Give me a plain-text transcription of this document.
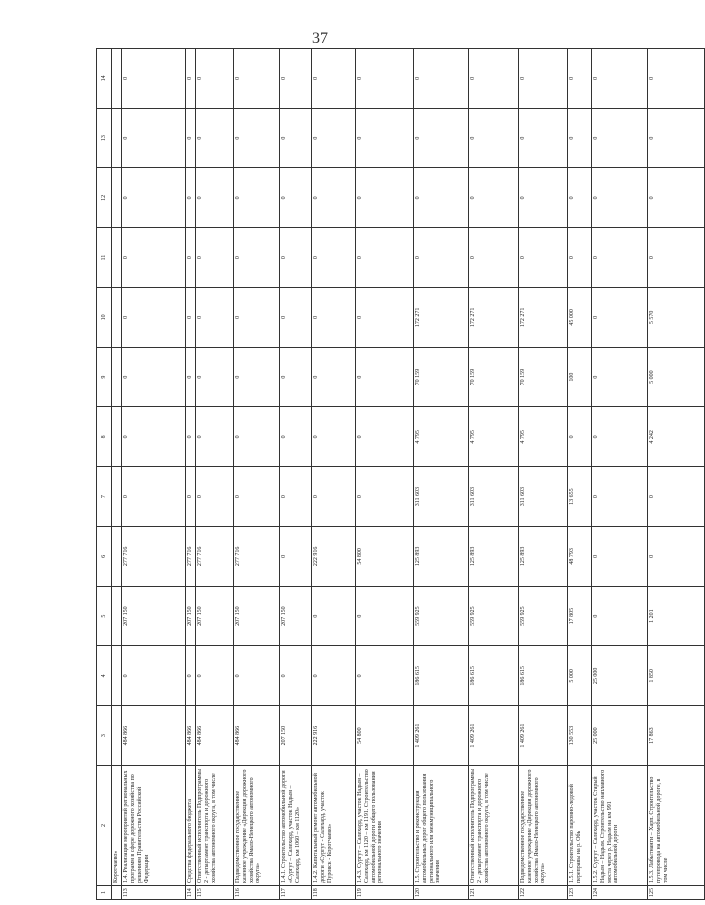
37
1	2	3	4	5	6	7	8	9	10	11	12	13	14
	Коротчаево»												
113	1.4. Реализация мероприятий региональных программ в сфере дорожного хозяйства по решениям Правительства Российской Федерации	484 866	0	207 150	277 716	0	0	0	0	0	0	0	0
114	Средства федерального бюджета	484 866	0	207 150	277 716	0	0	0	0	0	0	0	0
115	Ответственный исполнитель Подпрограммы 2 - департамент транспорта и дорожного хозяйства автономного округа, в том числе	484 866	0	207 150	277 716	0	0	0	0	0	0	0	0
116	Подведомственное государственное казенное учреждение «Дирекция дорожного хозяйства Ямало-Ненецкого автономного округа»	484 866	0	207 150	277 716	0	0	0	0	0	0	0	0
117	1.4.1. Строительство автомобильной дороги «Сургут – Салехард, участок Надым – Салехард, км 1060 – км 1120»	207 150	0	207 150	0	0	0	0	0	0	0	0	0
118	1.4.2. Капитальный ремонт автомобильной дороги «Сургут - Салехард, участок Пуровск - Коротчаево»	222 916	0	0	222 916	0	0	0	0	0	0	0	0
119	1.4.3. Сургут – Салехард, участок Надым – Салехард, км 1120 – км 1191. Строительство автомобильной дороги общего пользования регионального значения	54 800	0	0	54 800	0	0	0	0	0	0	0	0
120	1.5. Строительство и реконструкция автомобильных дорог общего пользования регионального или межмуниципального значения	1 409 261	186 615	559 925	125 893	311 603	4 795	70 159	172 271	0	0	0	0
121	Ответственный исполнитель Подпрограммы 2 - департамент транспорта и дорожного хозяйства автономного округа, в том числе	1 409 261	186 615	559 925	125 893	311 603	4 795	70 159	172 271	0	0	0	0
122	Подведомственное государственное казенное учреждение «Дирекция дорожного хозяйства Ямало-Ненецкого автономного округа»	1 409 261	186 615	559 925	125 893	311 603	4 795	70 159	172 271	0	0	0	0
123	1.5.1. Строительство паромно-ледовой переправы на р. Обь	130 553	5 000	17 805	48 793	13 655	0	100	45 000	0	0	0	0
124	1.5.2. Сургут – Салехард, участок Старый Надым – Надым. Строительство наплавного моста через р. Надым на км 991 автомобильной дороги	25 000	25 000	0	0	0	0	0	0	0	0	0	0
125	1.5.3. Лабытнанги – Харп. Строительство путепровода на автомобильной дороге, в том числе	17 863	1 850	1 201	0	0	4 242	5 000	5 570	0	0	0	0
